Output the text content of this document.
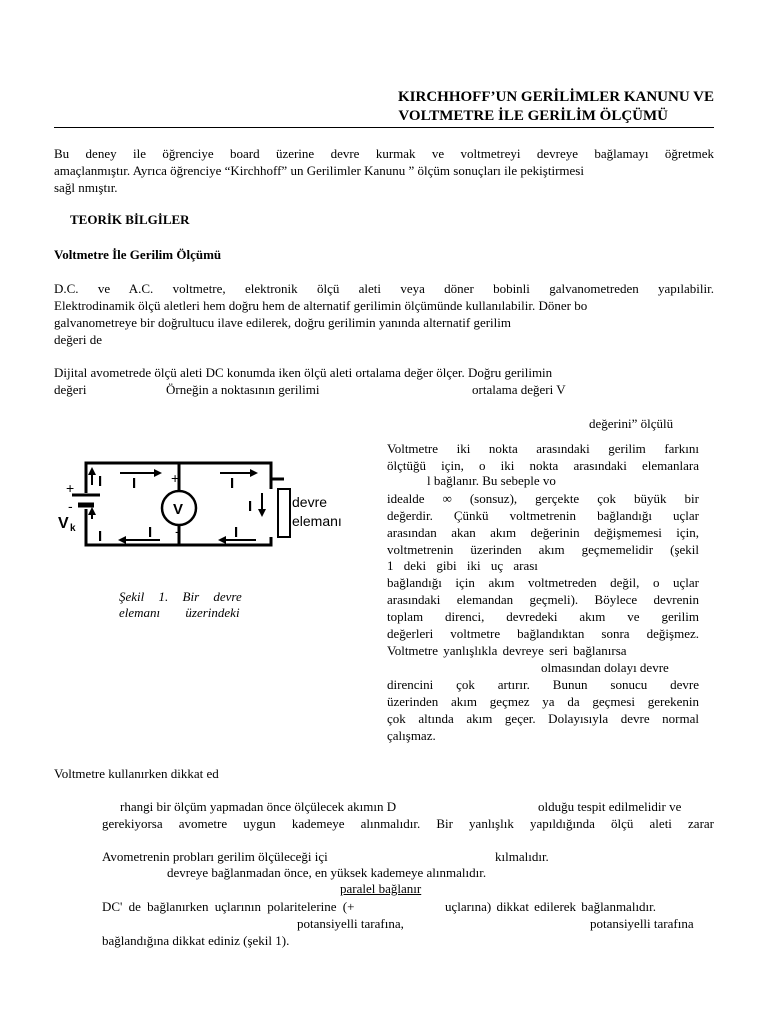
KIRCHHOFF’UN GERİLİMLER KANUNU VE
VOLTMETRE İLE GERİLİM ÖLÇÜMÜ
Bu deney ile öğrenciye board üzerine devre kurmak ve voltmetreyi devreye bağlamayı öğretmek
amaçlanmıştır. Ayrıca öğrenciye “Kirchhoff” un Gerilimler Kanunu ” ölçüm sonuçları ile pekiştirmesi
sağl nmıştır.
TEORİK BİLGİLER
Voltmetre İle Gerilim Ölçümü
D.C. ve A.C. voltmetre, elektronik ölçü aleti veya döner bobinli galvanometreden yapılabilir.
Elektrodinamik ölçü aletleri hem doğru hem de alternatif gerilimin ölçümünde kullanılabilir. Döner bo
galvanometreye bir doğrultucu ilave edilerek, doğru gerilimin yanında alternatif gerilim
değeri de
Dijital avometrede ölçü aleti DC konumda iken ölçü aleti ortalama değer ölçer. Doğru gerilimin
değeri	Örneğin a noktasının gerilimi	ortalama değeri V
değerini” ölçülü
Voltmetre iki nokta arasındaki gerilim farkını
ölçtüğü için, o iki nokta arasındaki elemanlara
l bağlanır. Bu sebeple vo
idealde ∞ (sonsuz), gerçekte çok büyük bir
değerdir. Çünkü voltmetrenin bağlandığı uçlar
arasından akan akım değerinin değişmemesi için,
voltmetrenin üzerinden akım geçmemelidir (şekil
1 deki gibi iki uç arası
bağlandığı için akım voltmetreden değil, o uçlar
arasındaki elemandan geçmeli). Böylece devrenin
toplam direnci, devredeki akım ve gerilim
değerleri voltmetre bağlandıktan sonra değişmez.
Voltmetre yanlışlıkla devreye seri bağlanırsa
olmasından dolayı devre
direncini çok artırır. Bunun sonucu devre
üzerinden akım geçmez ya da geçmesi gerekenin
çok altında akım geçer. Dolayısıyla devre normal
çalışmaz.
+
-
V k
V
+
-
devre
elemanı
I
I
I	I
I
I
I
Şekil 1. Bir devre
elemanı üzerindeki
Voltmetre kullanırken dikkat ed
rhangi bir ölçüm yapmadan önce ölçülecek akımın D	olduğu tespit edilmelidir ve
gerekiyorsa avometre uygun kademeye alınmalıdır. Bir yanlışlık yapıldığında ölçü aleti zarar
Avometrenin probları gerilim ölçüleceği içi	kılmalıdır.
devreye bağlanmadan önce, en yüksek kademeye alınmalıdır.
paralel bağlanır
DC' de bağlanırken uçlarının polaritelerine (+	uçlarına) dikkat edilerek bağlanmalıdır.
potansiyelli tarafına,	potansiyelli tarafına
bağlandığına dikkat ediniz (şekil 1).
